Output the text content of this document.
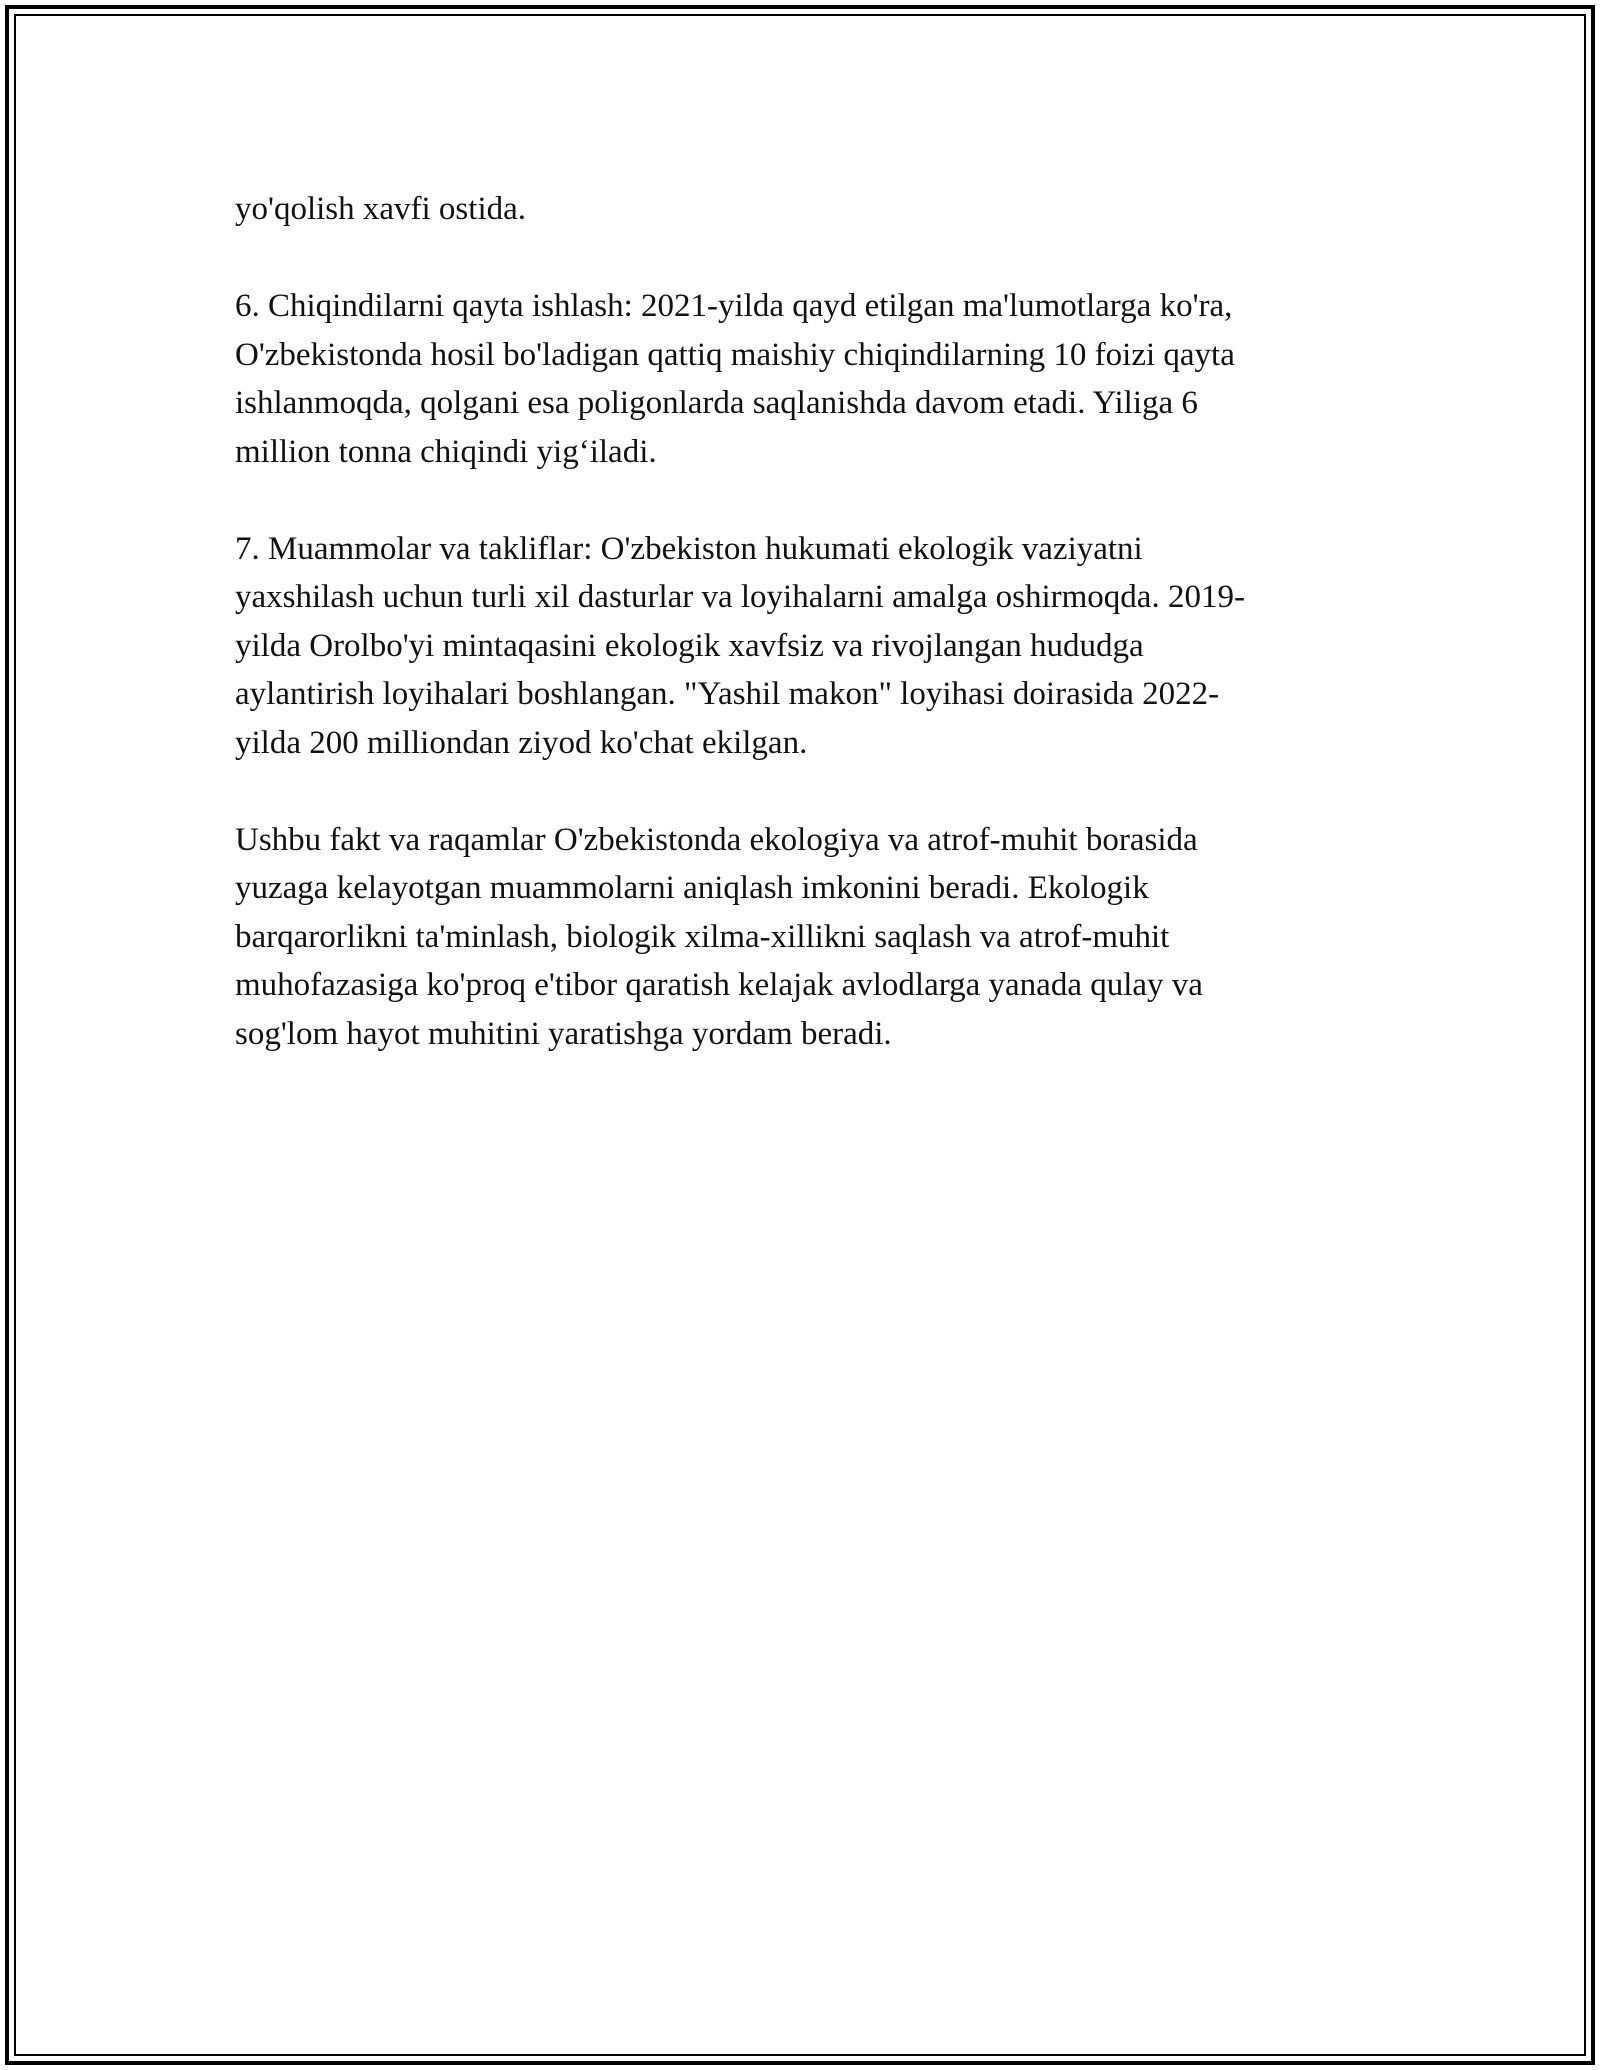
yo'qolish xavfi ostida.

6. Chiqindilarni qayta ishlash: 2021-yilda qayd etilgan ma'lumotlarga ko'ra,
O'zbekistonda hosil bo'ladigan qattiq maishiy chiqindilarning 10 foizi qayta
ishlanmoqda, qolgani esa poligonlarda saqlanishda davom etadi. Yiliga 6
million tonna chiqindi yig‘iladi.

7. Muammolar va takliflar: O'zbekiston hukumati ekologik vaziyatni
yaxshilash uchun turli xil dasturlar va loyihalarni amalga oshirmoqda. 2019-
yilda Orolbo'yi mintaqasini ekologik xavfsiz va rivojlangan hududga
aylantirish loyihalari boshlangan. "Yashil makon" loyihasi doirasida 2022-
yilda 200 milliondan ziyod ko'chat ekilgan.

Ushbu fakt va raqamlar O'zbekistonda ekologiya va atrof-muhit borasida
yuzaga kelayotgan muammolarni aniqlash imkonini beradi. Ekologik
barqarorlikni ta'minlash, biologik xilma-xillikni saqlash va atrof-muhit
muhofazasiga ko'proq e'tibor qaratish kelajak avlodlarga yanada qulay va
sog'lom hayot muhitini yaratishga yordam beradi.
